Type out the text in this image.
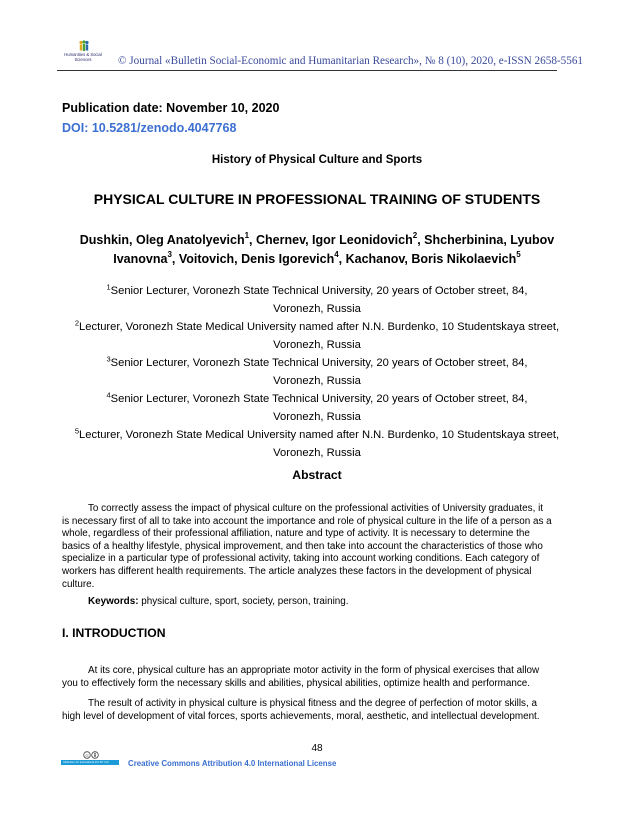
Humanities & Social
Sciences	© Journal «Bulletin Social-Economic and Humanitarian Research», № 8 (10), 2020, e-ISSN 2658-5561
Publication date: November 10, 2020
DOI: 10.5281/zenodo.4047768
History of Physical Culture and Sports
PHYSICAL CULTURE IN PROFESSIONAL TRAINING OF STUDENTS
Dushkin, Oleg Anatolyevich$^1$, Chernev, Igor Leonidovich$^2$, Shcherbinina, Lyubov
Ivanovna$^3$, Voitovich, Denis Igorevich$^4$, Kachanov, Boris Nikolaevich$^5$
$^1$Senior Lecturer, Voronezh State Technical University, 20 years of October street, 84,
Voronezh, Russia
$^2$Lecturer, Voronezh State Medical University named after N.N. Burdenko, 10 Studentskaya street,
Voronezh, Russia
$^3$Senior Lecturer, Voronezh State Technical University, 20 years of October street, 84,
Voronezh, Russia
$^4$Senior Lecturer, Voronezh State Technical University, 20 years of October street, 84,
Voronezh, Russia
$^5$Lecturer, Voronezh State Medical University named after N.N. Burdenko, 10 Studentskaya street,
Voronezh, Russia
Abstract
To correctly assess the impact of physical culture on the professional activities of University graduates, it
is necessary first of all to take into account the importance and role of physical culture in the life of a person as a
whole, regardless of their professional affiliation, nature and type of activity. It is necessary to determine the
basics of a healthy lifestyle, physical improvement, and then take into account the characteristics of those who
specialize in a particular type of professional activity, taking into account working conditions. Each category of
workers has different health requirements. The article analyzes these factors in the development of physical
culture.
Keywords: physical culture, sport, society, person, training.
I. INTRODUCTION
At its core, physical culture has an appropriate motor activity in the form of physical exercises that allow
you to effectively form the necessary skills and abilities, physical abilities, optimize health and performance.
The result of activity in physical culture is physical fitness and the degree of perfection of motor skills, a
high level of development of vital forces, sports achievements, moral, aesthetic, and intellectual development.
48
cc
Attribution 4.0 International (CC BY 4.0)	Creative Commons Attribution 4.0 International License
